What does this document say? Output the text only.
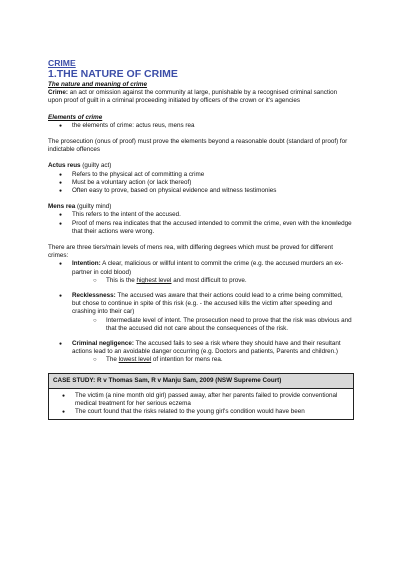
CRIME

1.THE NATURE OF CRIME

The nature and meaning of crime

Crime: an act or omission against the community at large, punishable by a recognised criminal sanction upon proof of guilt in a criminal proceeding initiated by officers of the crown or it's agencies

Elements of crime

● the elements of crime: actus reus, mens rea

The prosecution (onus of proof) must prove the elements beyond a reasonable doubt (standard of proof) for indictable offences

Actus reus (guilty act)

● Refers to the physical act of committing a crime
● Must be a voluntary action (or lack thereof)
● Often easy to prove, based on physical evidence and witness testimonies

Mens rea (guilty mind)

● This refers to the intent of the accused.
● Proof of mens rea indicates that the accused intended to commit the crime, even with the knowledge that their actions were wrong.

There are three tiers/main levels of mens rea, with differing degrees which must be proved for different crimes:

● Intention: A clear, malicious or willful intent to commit the crime (e.g. the accused murders an ex-partner in cold blood)
○ This is the highest level and most difficult to prove.
● Recklessness: The accused was aware that their actions could lead to a crime being committed, but chose to continue in spite of this risk (e.g. - the accused kills the victim after speeding and crashing into their car)
○ Intermediate level of intent. The prosecution need to prove that the risk was obvious and that the accused did not care about the consequences of the risk.
● Criminal negligence: The accused fails to see a risk where they should have and their resultant actions lead to an avoidable danger occurring (e.g. Doctors and patients, Parents and children.)
○ The lowest level of intention for mens rea.
CASE STUDY: R v Thomas Sam, R v Manju Sam, 2009 (NSW Supreme Court)
● The victim (a nine month old girl) passed away, after her parents failed to provide conventional medical treatment for her serious eczema
● The court found that the risks related to the young girl's condition would have been
